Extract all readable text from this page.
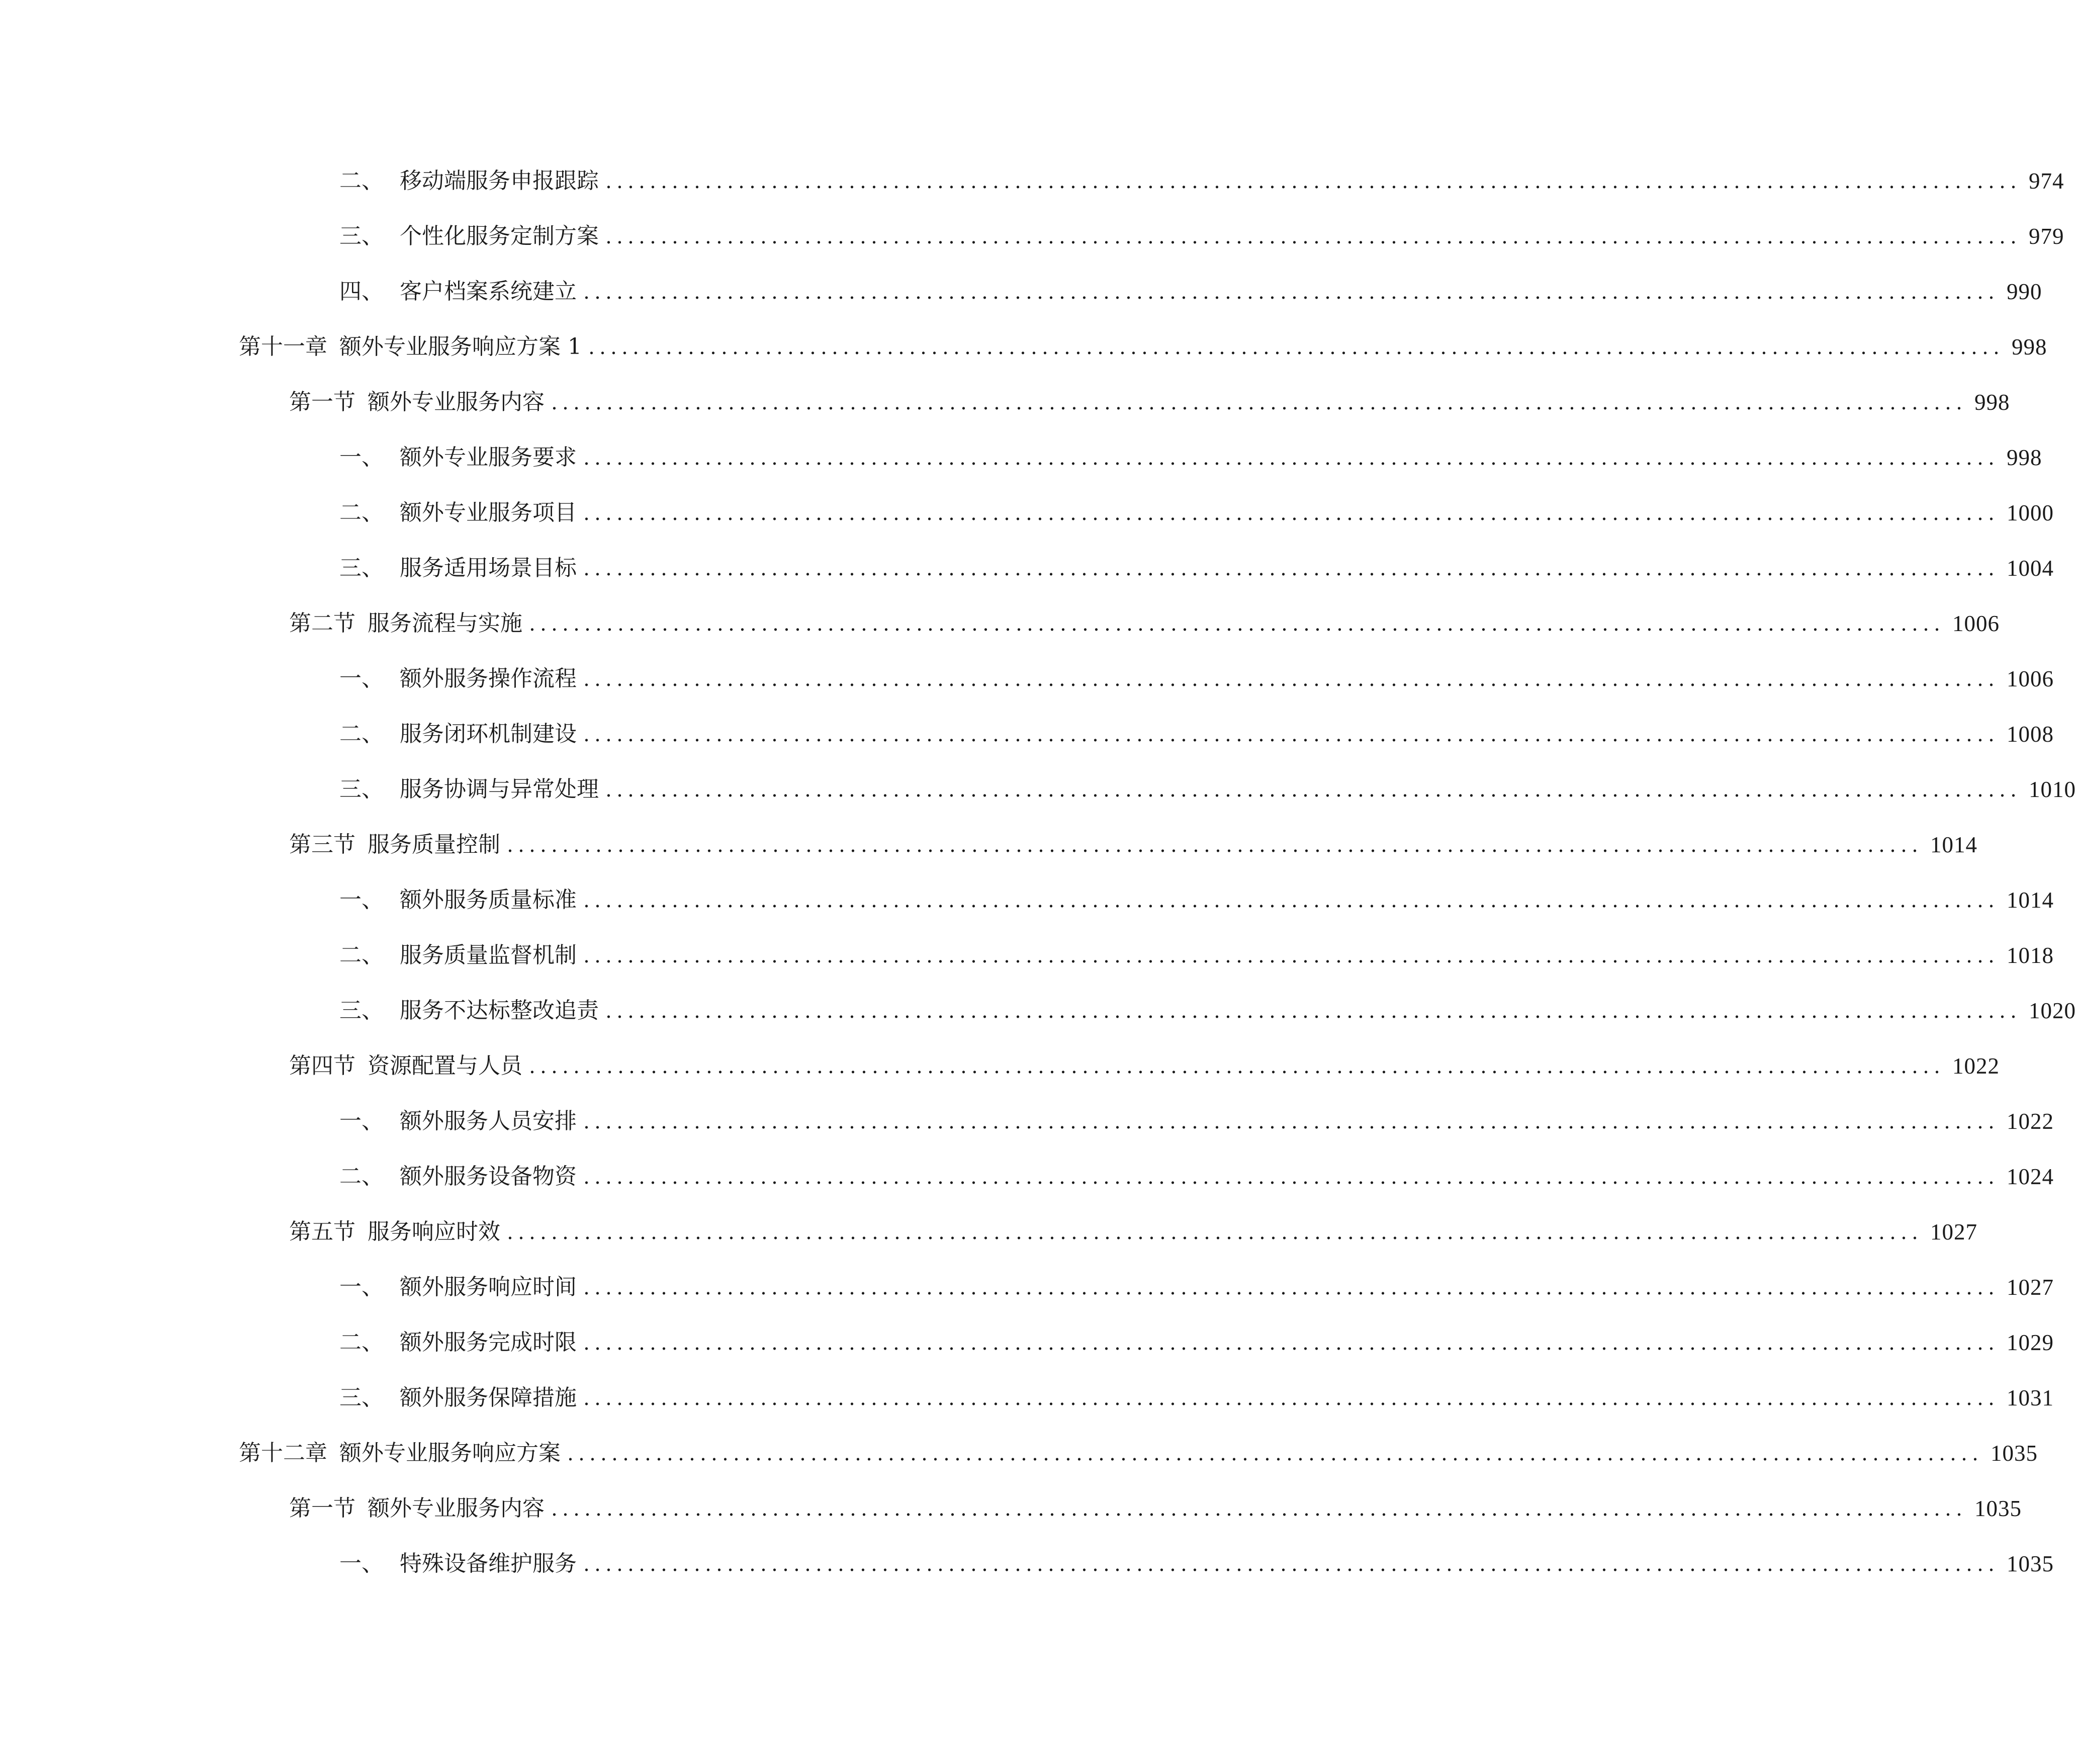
二、 移动端服务申报跟踪 ................................................................................................................................ 974
三、 个性化服务定制方案 ................................................................................................................................ 979
四、 客户档案系统建立 ................................................................................................................................ 990
第十一章 额外专业服务响应方案 1 ................................................................................................................................ 998
第一节 额外专业服务内容 ................................................................................................................................ 998
一、 额外专业服务要求 ................................................................................................................................ 998
二、 额外专业服务项目 ................................................................................................................................ 1000
三、 服务适用场景目标 ................................................................................................................................ 1004
第二节 服务流程与实施 ................................................................................................................................ 1006
一、 额外服务操作流程 ................................................................................................................................ 1006
二、 服务闭环机制建设 ................................................................................................................................ 1008
三、 服务协调与异常处理 ................................................................................................................................ 1010
第三节 服务质量控制 ................................................................................................................................ 1014
一、 额外服务质量标准 ................................................................................................................................ 1014
二、 服务质量监督机制 ................................................................................................................................ 1018
三、 服务不达标整改追责 ................................................................................................................................ 1020
第四节 资源配置与人员 ................................................................................................................................ 1022
一、 额外服务人员安排 ................................................................................................................................ 1022
二、 额外服务设备物资 ................................................................................................................................ 1024
第五节 服务响应时效 ................................................................................................................................ 1027
一、 额外服务响应时间 ................................................................................................................................ 1027
二、 额外服务完成时限 ................................................................................................................................ 1029
三、 额外服务保障措施 ................................................................................................................................ 1031
第十二章 额外专业服务响应方案 ................................................................................................................................ 1035
第一节 额外专业服务内容 ................................................................................................................................ 1035
一、 特殊设备维护服务 ................................................................................................................................ 1035
